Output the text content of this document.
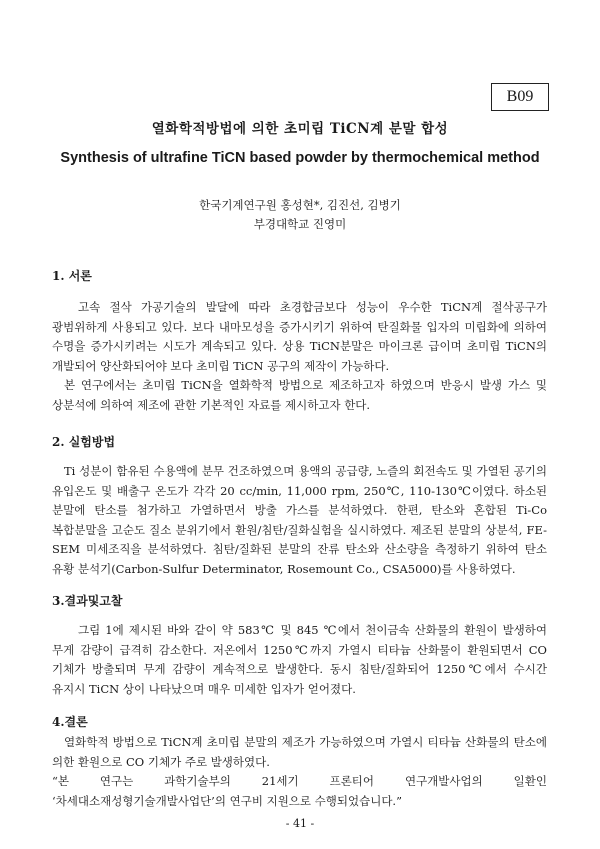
B09
열화학적방법에 의한 초미립 TiCN계 분말 합성
Synthesis of ultrafine TiCN based powder by thermochemical method
한국기계연구원 홍성현*, 김진선, 김병기
부경대학교 진영미
1. 서론

고속 절삭 가공기술의 발달에 따라 초경합금보다 성능이 우수한 TiCN계 절삭공구가 광범위하게 사용되고 있다. 보다 내마모성을 증가시키기 위하여 탄질화물 입자의 미립화에 의하여 수명을 증가시키려는 시도가 계속되고 있다. 상용 TiCN분말은 마이크론 급이며 초미립 TiCN의 개발되어 양산화되어야 보다 초미립 TiCN 공구의 제작이 가능하다.

본 연구에서는 초미립 TiCN을 열화학적 방법으로 제조하고자 하였으며 반응시 발생 가스 및 상분석에 의하여 제조에 관한 기본적인 자료를 제시하고자 한다.

2. 실험방법

Ti 성분이 함유된 수용액에 분무 건조하였으며 용액의 공급량, 노즐의 회전속도 및 가열된 공기의 유입온도 및 배출구 온도가 각각 20 cc/min, 11,000 rpm, 250℃, 110-130℃이였다. 하소된 분말에 탄소를 첨가하고 가열하면서 방출 가스를 분석하였다. 한편, 탄소와 혼합된 Ti-Co 복합분말을 고순도 질소 분위기에서 환원/침탄/질화실험을 실시하였다. 제조된 분말의 상분석, FE-SEM 미세조직을 분석하였다. 침탄/질화된 분말의 잔류 탄소와 산소량을 측정하기 위하여 탄소 유황 분석기(Carbon-Sulfur Determinator, Rosemount Co., CSA5000)를 사용하였다.

3.결과및고찰

그림 1에 제시된 바와 같이 약 583℃ 및 845 ℃에서 천이금속 산화물의 환원이 발생하여 무게 감량이 급격히 감소한다. 저온에서 1250℃까지 가열시 티타늄 산화물이 환원되면서 CO 기체가 방출되며 무게 감량이 계속적으로 발생한다. 동시 침탄/질화되어 1250℃에서 수시간 유지시 TiCN 상이 나타났으며 매우 미세한 입자가 얻어졌다.

4.결론

열화학적 방법으로 TiCN계 초미립 분말의 제조가 가능하였으며 가열시 티타늄 산화물의 탄소에 의한 환원으로 CO 기체가 주로 발생하였다.

“본 연구는 과학기술부의 21세기 프론티어 연구개발사업의 일환인 ‘차세대소재성형기술개발사업단’의 연구비 지원으로 수행되었습니다.”

- 41 -
